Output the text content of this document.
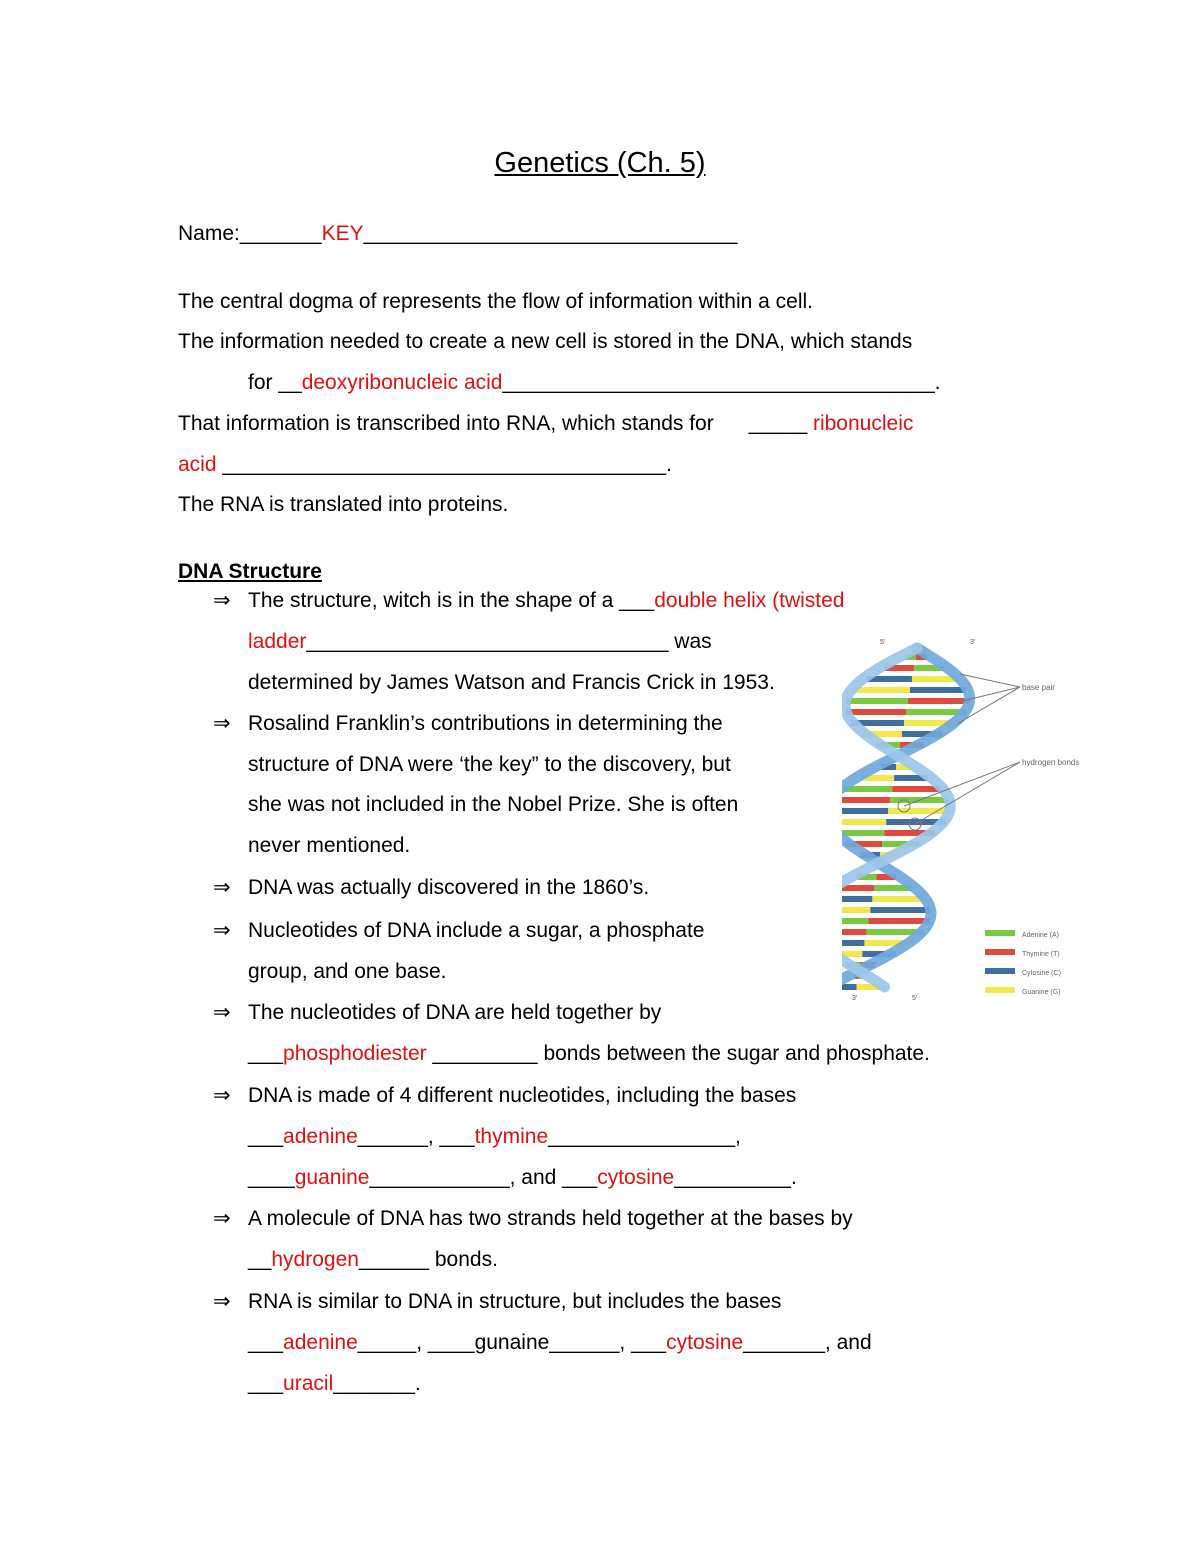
Genetics (Ch. 5)
Name:_______KEY________________________________
The central dogma of represents the flow of information within a cell.
The information needed to create a new cell is stored in the DNA, which stands
for __deoxyribonucleic acid_____________________________________.
That information is transcribed into RNA, which stands for      _____ ribonucleic
acid ______________________________________.
The RNA is translated into proteins.
DNA Structure
⇒ The structure, witch is in the shape of a ___double helix (twisted
ladder_______________________________ was
determined by James Watson and Francis Crick in 1953.
⇒ Rosalind Franklin’s contributions in determining the
structure of DNA were ‘the key” to the discovery, but
she was not included in the Nobel Prize. She is often
never mentioned.
⇒ DNA was actually discovered in the 1860’s.
⇒ Nucleotides of DNA include a sugar, a phosphate
group, and one base.
⇒ The nucleotides of DNA are held together by
___phosphodiester _________ bonds between the sugar and phosphate.
⇒ DNA is made of 4 different nucleotides, including the bases
___adenine______, ___thymine________________,
____guanine____________, and ___cytosine__________.
⇒ A molecule of DNA has two strands held together at the bases by
__hydrogen______ bonds.
⇒ RNA is similar to DNA in structure, but includes the bases
___adenine_____, ____gunaine______, ___cytosine_______, and
___uracil_______.
5'	3'
3'	5'
base pair
hydrogen bonds
Adenine (A)
Thymine (T)
Cytosine (C)
Guanine (G)
